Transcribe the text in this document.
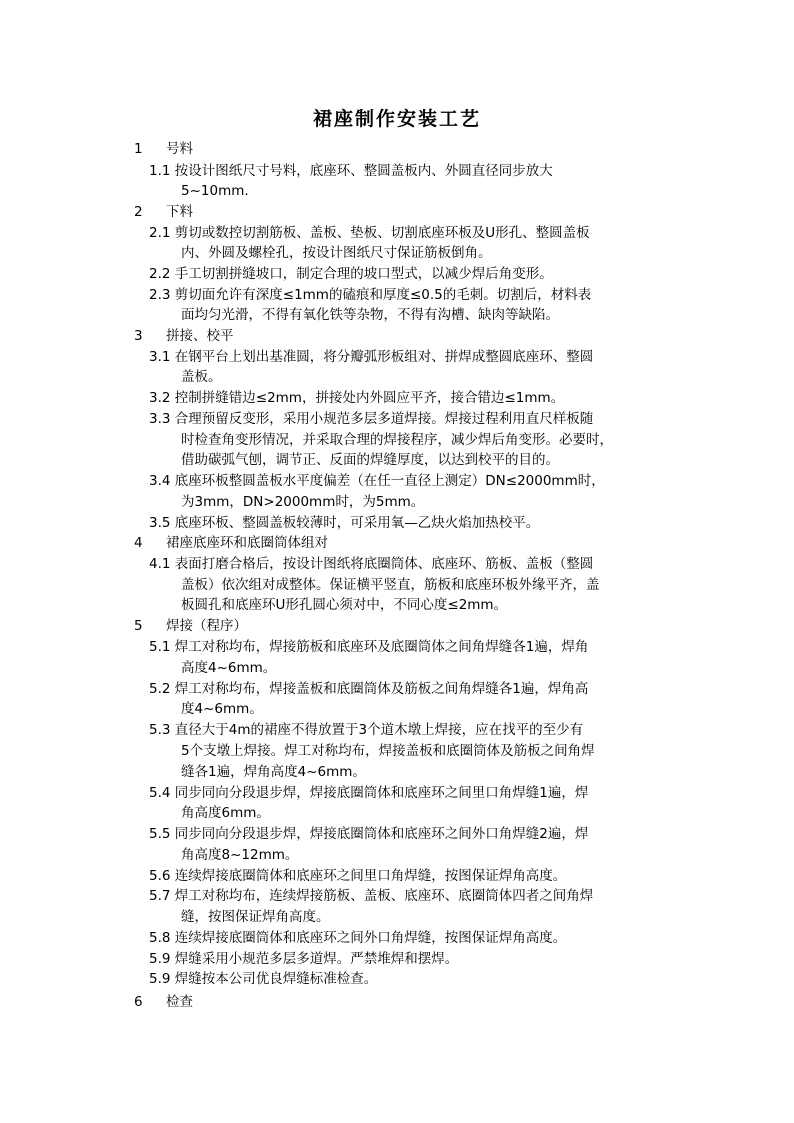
裙座制作安装工艺
1 号料
1.1 按设计图纸尺寸号料，底座环、整圆盖板内、外圆直径同步放大
5~10mm.
2 下料
2.1 剪切或数控切割筋板、盖板、垫板、切割底座环板及U形孔、整圆盖板
内、外圆及螺栓孔，按设计图纸尺寸保证筋板倒角。
2.2 手工切割拼缝坡口，制定合理的坡口型式，以减少焊后角变形。
2.3 剪切面允许有深度≤1mm的磕痕和厚度≤0.5的毛刺。切割后，材料表
面均匀光滑，不得有氧化铁等杂物，不得有沟槽、缺肉等缺陷。
3 拼接、校平
3.1 在钢平台上划出基准圆，将分瓣弧形板组对、拼焊成整圆底座环、整圆
盖板。
3.2 控制拼缝错边≤2mm，拼接处内外圆应平齐，接合错边≤1mm。
3.3 合理预留反变形，采用小规范多层多道焊接。焊接过程利用直尺样板随
时检查角变形情况，并采取合理的焊接程序，减少焊后角变形。必要时，
借助碳弧气刨，调节正、反面的焊缝厚度，以达到校平的目的。
3.4 底座环板整圆盖板水平度偏差（在任一直径上测定）DN≤2000mm时，
为3mm，DN>2000mm时，为5mm。
3.5 底座环板、整圆盖板较薄时，可采用氧—乙炔火焰加热校平。
4 裙座底座环和底圈筒体组对
4.1 表面打磨合格后，按设计图纸将底圈筒体、底座环、筋板、盖板（整圆
盖板）依次组对成整体。保证横平竖直，筋板和底座环板外缘平齐，盖
板圆孔和底座环U形孔圆心须对中，不同心度≤2mm。
5 焊接（程序）
5.1 焊工对称均布，焊接筋板和底座环及底圈筒体之间角焊缝各1遍，焊角
高度4~6mm。
5.2 焊工对称均布，焊接盖板和底圈筒体及筋板之间角焊缝各1遍，焊角高
度4~6mm。
5.3 直径大于4m的裙座不得放置于3个道木墩上焊接，应在找平的至少有
5个支墩上焊接。焊工对称均布，焊接盖板和底圈筒体及筋板之间角焊
缝各1遍，焊角高度4~6mm。
5.4 同步同向分段退步焊，焊接底圈筒体和底座环之间里口角焊缝1遍，焊
角高度6mm。
5.5 同步同向分段退步焊，焊接底圈筒体和底座环之间外口角焊缝2遍，焊
角高度8~12mm。
5.6 连续焊接底圈筒体和底座环之间里口角焊缝，按图保证焊角高度。
5.7 焊工对称均布，连续焊接筋板、盖板、底座环、底圈筒体四者之间角焊
缝，按图保证焊角高度。
5.8 连续焊接底圈筒体和底座环之间外口角焊缝，按图保证焊角高度。
5.9 焊缝采用小规范多层多道焊。严禁堆焊和摆焊。
5.9 焊缝按本公司优良焊缝标准检查。
6 检查
